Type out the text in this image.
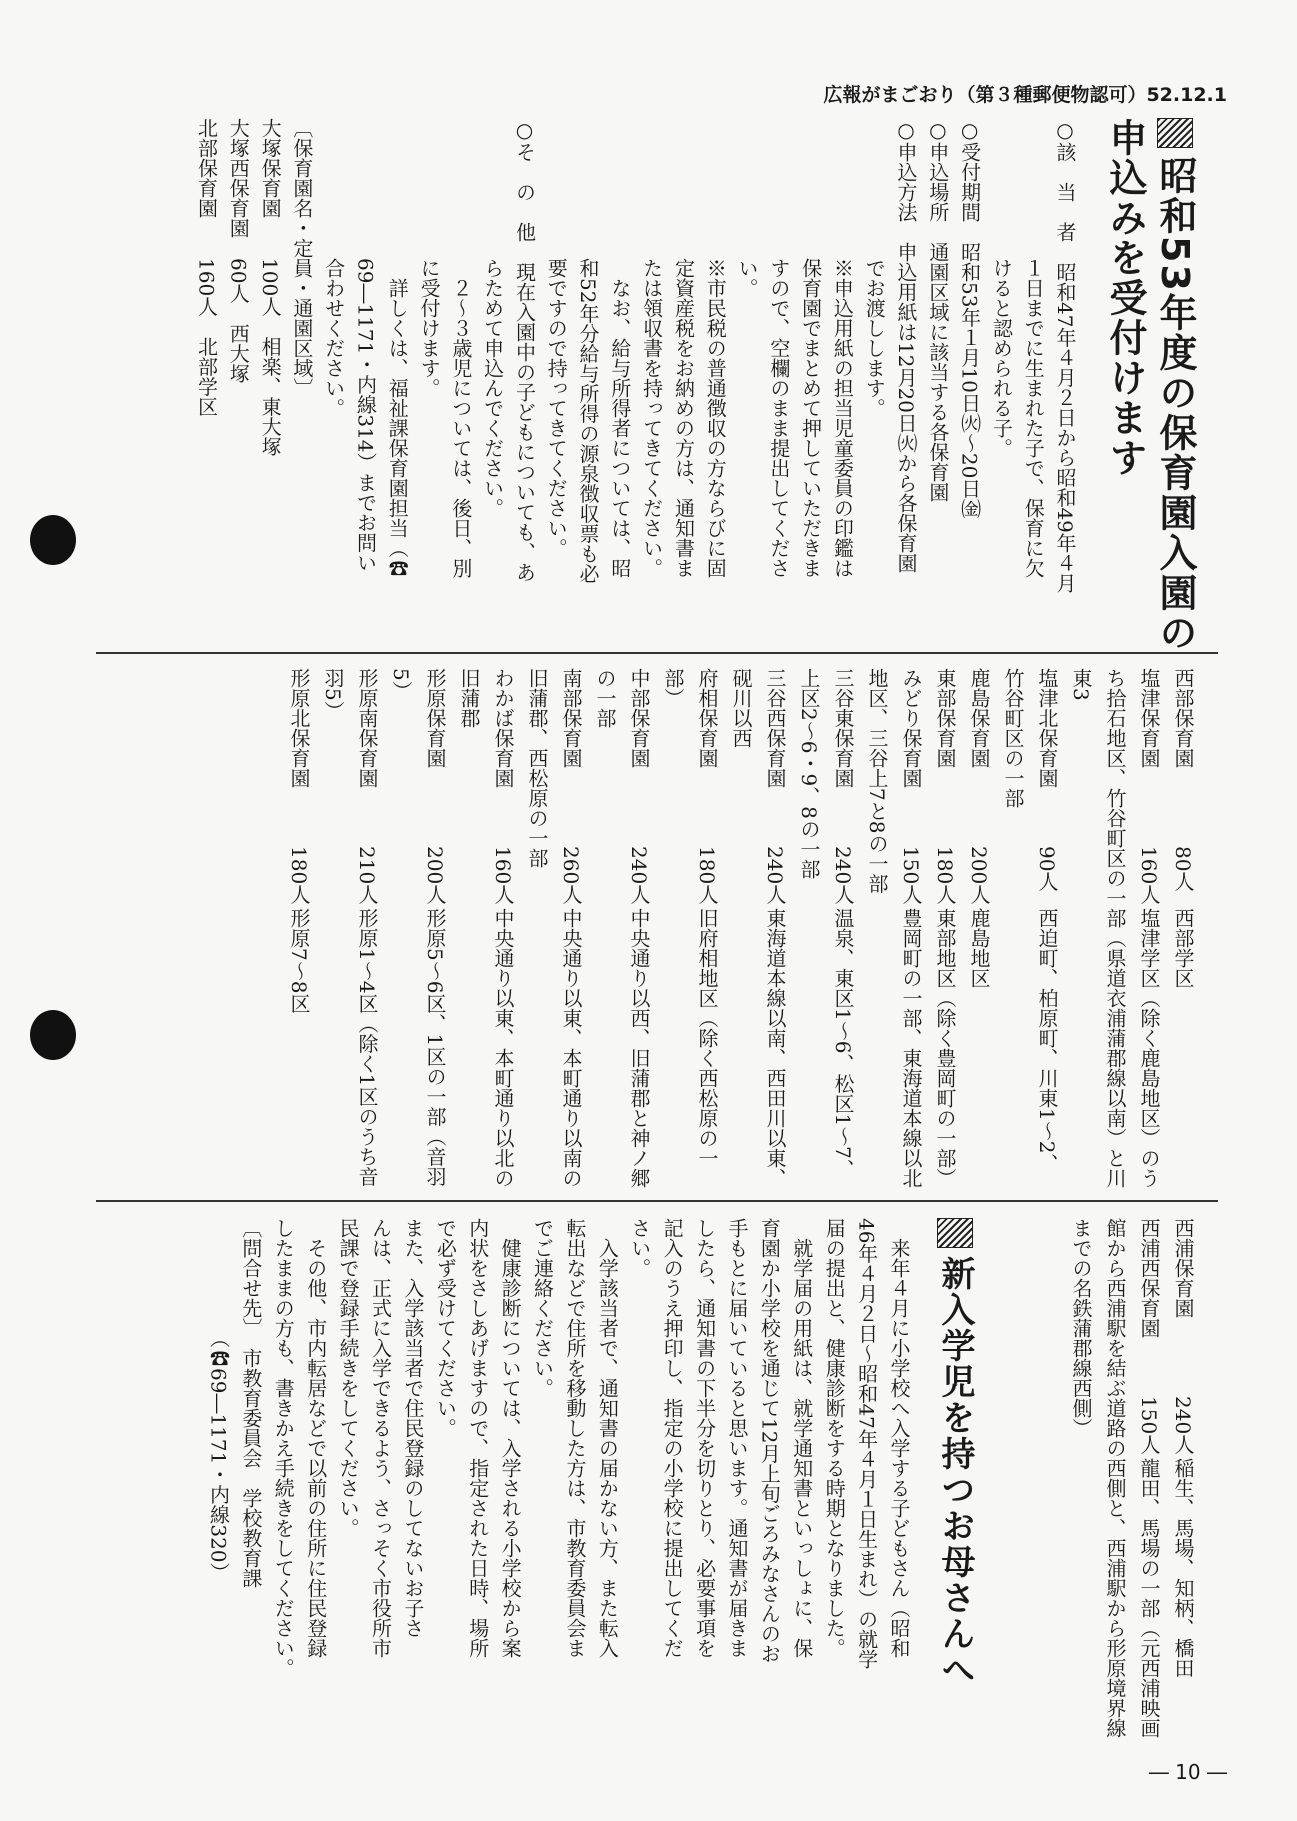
広報がまごおり（第３種郵便物認可）52.12.1
昭和53年度の保育園入園の
申込みを受付けます
○該　当　者　昭和47年４月２日から昭和49年４月
　　　　　　　１日までに生まれた子で、保育に欠
　　　　　　　けると認められる子。
○受付期間　昭和53年１月10日㈫～20日㈮
○申込場所　通園区域に該当する各保育園
○申込方法　申込用紙は12月20日㈫から各保育園
　　　　　　　でお渡しします。
　　　　　　　※申込用紙の担当児童委員の印鑑は
　　　　　　　保育園でまとめて押していただきま
　　　　　　　すので、空欄のまま提出してくださ
　　　　　　　い。
　　　　　　　※市民税の普通徴収の方ならびに固
　　　　　　　定資産税をお納めの方は、通知書ま
　　　　　　　たは領収書を持ってきてください。
　　　　　　　　なお、給与所得者については、昭
　　　　　　　和52年分給与所得の源泉徴収票も必
　　　　　　　要ですので持ってきてください。
○そ　の　他　現在入園中の子どもについても、あ
　　　　　　　らためて申込んでください。
　　　　　　　　２～３歳児については、後日、別
　　　　　　　に受付けます。
　　　　　　　　詳しくは、福祉課保育園担当（☎
　　　　　　　69―1171・内線314）までお問い
　　　　　　　合わせください。
〔保育園名・定員・通園区域〕
大塚保育園　　100人　相楽、東大塚
大塚西保育園　60人　西大塚
北部保育園　　160人　北部学区
西部保育園80人西部学区
塩津保育園160人塩津学区（除く鹿島地区）のうち拾石地区、竹谷町区の一部（県道衣浦蒲郡線以南）と川東3
塩津北保育園90人西迫町、柏原町、川東1～2、竹谷町区の一部
鹿島保育園200人鹿島地区
東部保育園180人東部地区（除く豊岡町の一部）
みどり保育園150人豊岡町の一部、東海道本線以北地区、三谷上7と8の一部
三谷東保育園240人温泉、東区1～6、松区1～7、上区2～6・9、8の一部
三谷西保育園240人東海道本線以南、西田川以東、砚川以西
府相保育園180人旧府相地区（除く西松原の一部）
中部保育園240人中央通り以西、旧蒲郡と神ノ郷の一部
南部保育園260人中央通り以東、本町通り以南の旧蒲郡、西松原の一部
わかば保育園160人中央通り以東、本町通り以北の旧蒲郡
形原保育園200人形原5～6区、1区の一部（音羽5）
形原南保育園210人形原1～4区（除く1区のうち音羽5）
形原北保育園180人形原7～8区
西浦保育園240人稲生、馬場、知柄、橋田
西浦西保育園150人龍田、馬場の一部（元西浦映画館から西浦駅を結ぶ道路の西側と、西浦駅から形原境界線までの名鉄蒲郡線西側）
新入学児を持つお母さんへ
　来年４月に小学校へ入学する子どもさん（昭和
46年４月２日～昭和47年４月１日生まれ）の就学
届の提出と、健康診断をする時期となりました。
　就学届の用紙は、就学通知書といっしょに、保
育園か小学校を通じて12月上旬ごろみなさんのお
手もとに届いていると思います。通知書が届きま
したら、通知書の下半分を切りとり、必要事項を
記入のうえ押印し、指定の小学校に提出してくだ
さい。
　入学該当者で、通知書の届かない方、また転入
転出などで住所を移動した方は、市教育委員会ま
でご連絡ください。
　健康診断については、入学される小学校から案
内状をさしあげますので、指定された日時、場所
で必ず受けてください。
また、入学該当者で住民登録のしてないお子さ
んは、正式に入学できるよう、さっそく市役所市
民課で登録手続きをしてください。
　その他、市内転居などで以前の住所に住民登録
したままの方も、書きかえ手続きをしてください。
〔問合せ先〕　市教育委員会　学校教育課
　　　　　　（☎69―1171・内線320）
― 10 ―
